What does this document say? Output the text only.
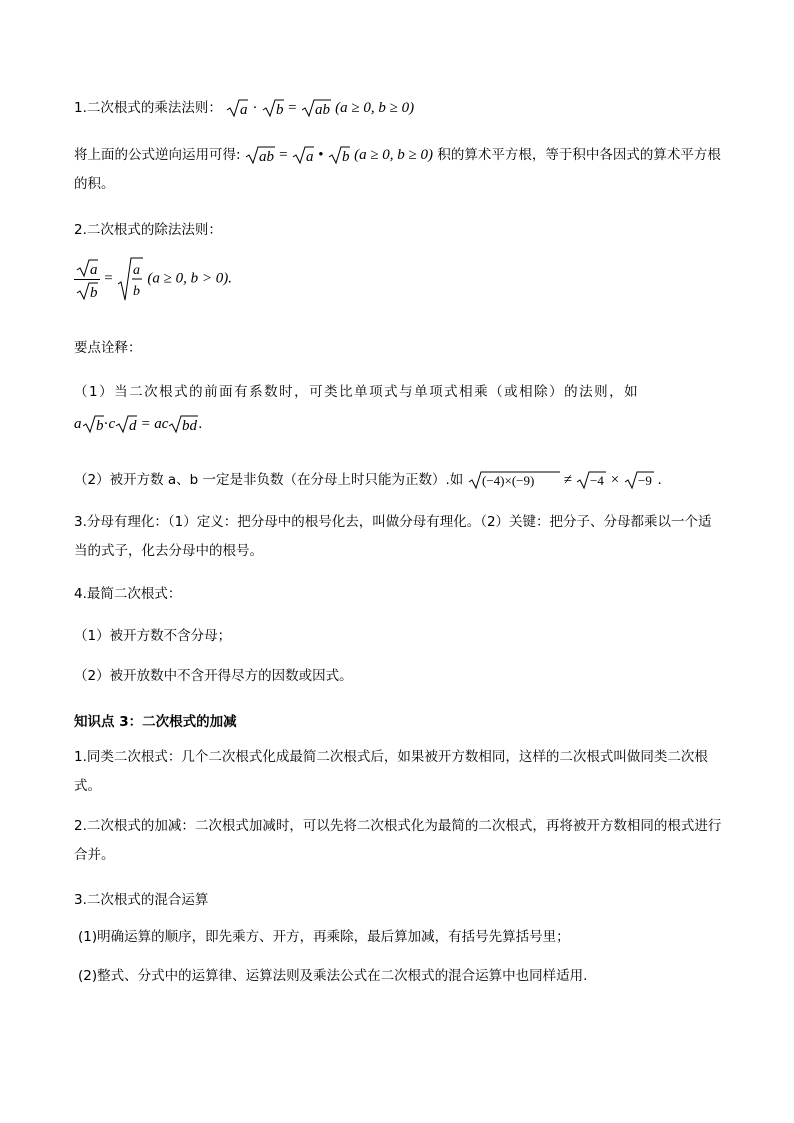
1.二次根式的乘法法则： a · b = ab (a ≥ 0, b ≥ 0)
将上面的公式逆向运用可得: ab = a • b (a ≥ 0, b ≥ 0) 积的算术平方根，等于积中各因式的算术平方根的积。
2.二次根式的除法法则：
$\frac{a}{b} = a$
b
(a ≥ 0, b > 0).
要点诠释：
（1）当二次根式的前面有系数时，可类比单项式与单项式相乘（或相除）的法则，如
a b ·c d = ac bd .
（2）被开方数 a、b 一定是非负数（在分母上时只能为正数）.如 (−4)×(−9) ≠ −4 × −9 .
3.分母有理化：（1）定义：把分母中的根号化去，叫做分母有理化。（2）关键：把分子、分母都乘以一个适当的式子，化去分母中的根号。
4.最简二次根式：
（1）被开方数不含分母；
（2）被开放数中不含开得尽方的因数或因式。
知识点 3：二次根式的加减
1.同类二次根式：几个二次根式化成最简二次根式后，如果被开方数相同，这样的二次根式叫做同类二次根式。
2.二次根式的加减：二次根式加减时，可以先将二次根式化为最简的二次根式，再将被开方数相同的根式进行合并。
3.二次根式的混合运算
(1)明确运算的顺序，即先乘方、开方，再乘除，最后算加减，有括号先算括号里；
(2)整式、分式中的运算律、运算法则及乘法公式在二次根式的混合运算中也同样适用.
